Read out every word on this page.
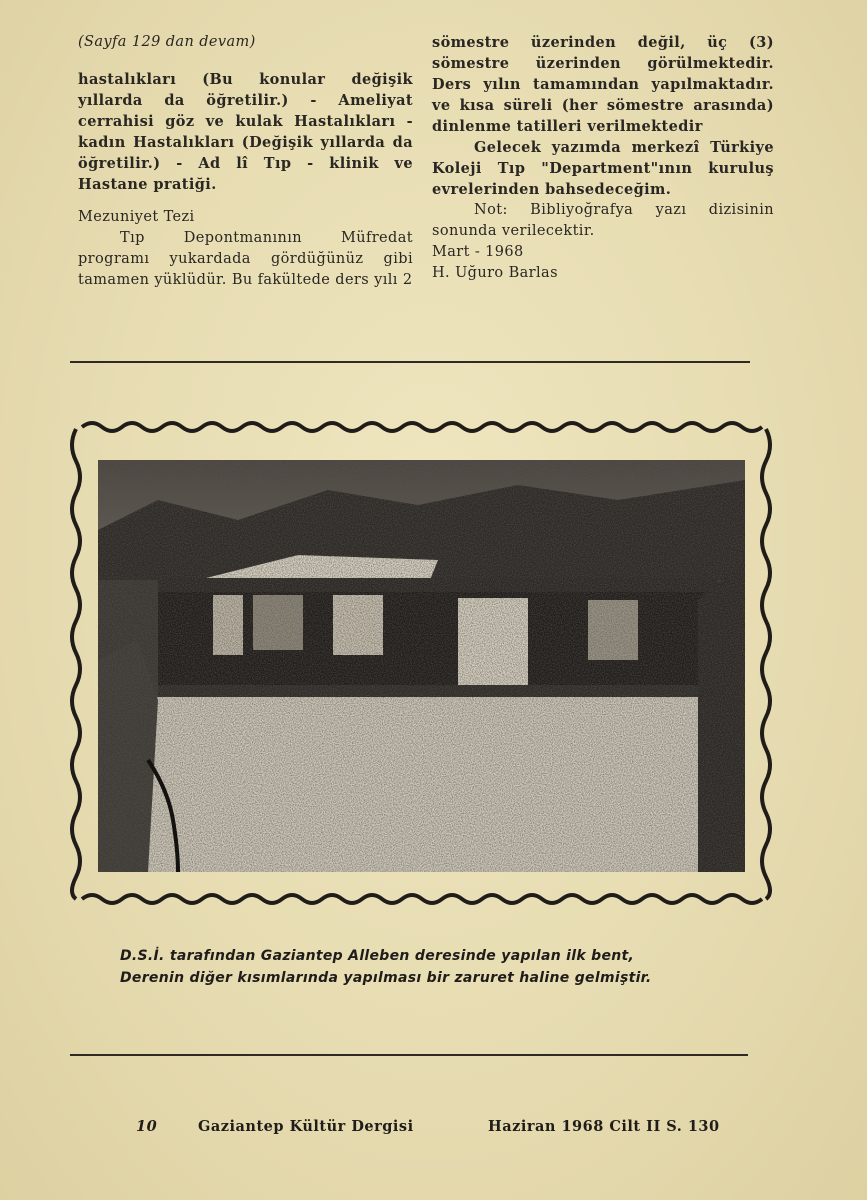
(Sayfa 129 dan devam)

hastalıkları (Bu konular değişik yıllarda da öğretilir.) - Ameliyat cerrahisi göz ve kulak Hastalıkları - kadın Hastalıkları (Değişik yıllarda da öğretilir.) - Ad lî Tıp - klinik ve Hastane pratiği.

Mezuniyet Tezi

Tıp Depontmanının Müfredat programı yukardada gördüğünüz gibi tamamen yüklüdür. Bu fakültede ders yılı 2

sömestre üzerinden değil, üç (3) sömestre üzerinden görülmektedir. Ders yılın tamamından yapılmaktadır. ve kısa süreli (her sömestre arasında) dinlenme tatilleri verilmektedir

Gelecek yazımda merkezî Türkiye Koleji Tıp "Department"ının kuruluş evrelerinden bahsedeceğim.

Not: Bibliyoğrafya yazı dizisinin sonunda verilecektir.

Mart - 1968

H. Uğuro Barlas

D.S.İ. tarafından Gaziantep Alleben deresinde yapılan ilk bent,
Derenin diğer kısımlarında yapılması bir zaruret haline gelmiştir.
10	Gaziantep Kültür Dergisi	Haziran 1968 Cilt II S. 130
